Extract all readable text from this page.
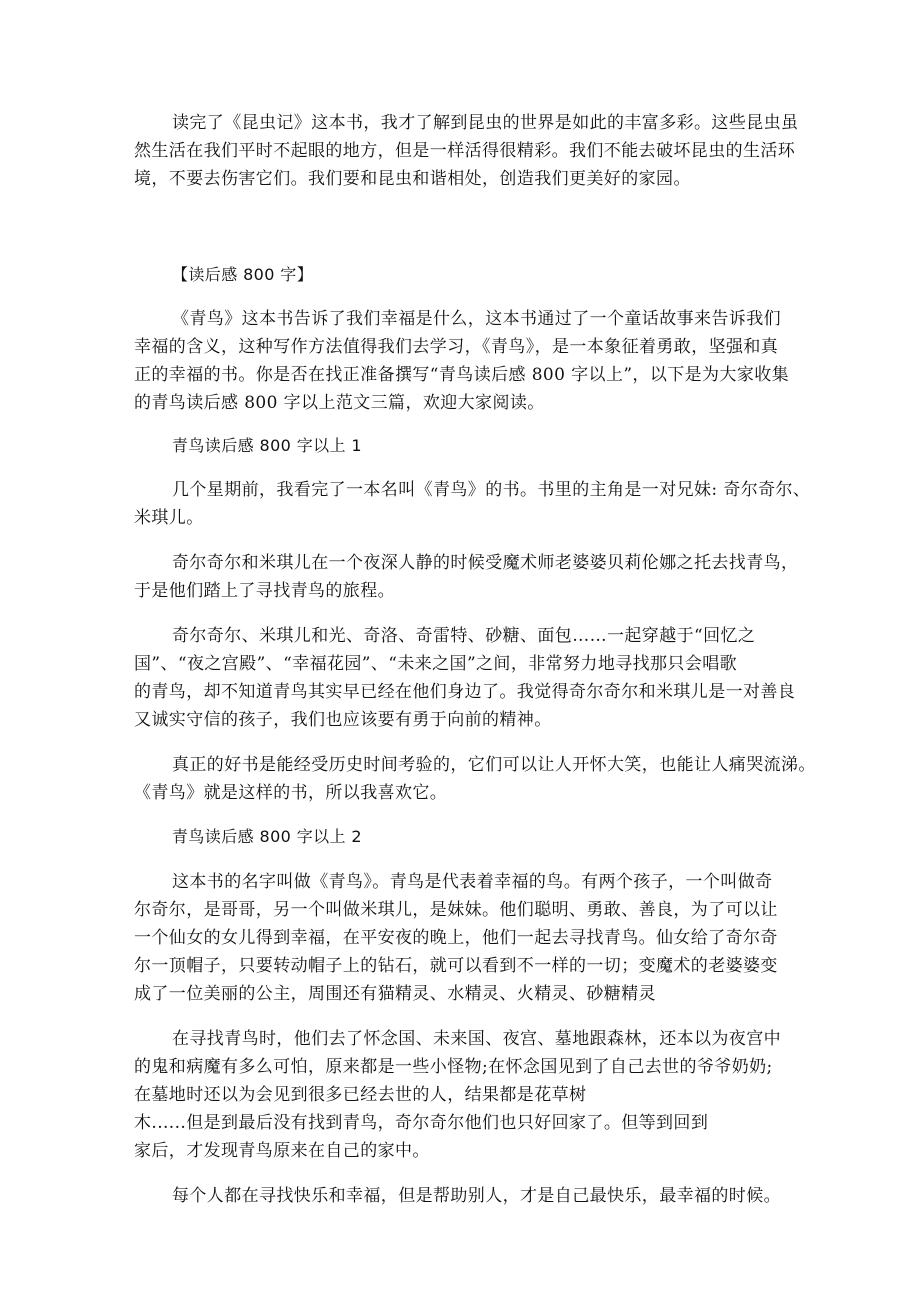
读完了《昆虫记》这本书，我才了解到昆虫的世界是如此的丰富多彩。这些昆虫虽
然生活在我们平时不起眼的地方，但是一样活得很精彩。我们不能去破坏昆虫的生活环
境，不要去伤害它们。我们要和昆虫和谐相处，创造我们更美好的家园。
【读后感 800 字】
《青鸟》这本书告诉了我们幸福是什么，这本书通过了一个童话故事来告诉我们
幸福的含义，这种写作方法值得我们去学习，《青鸟》，是一本象征着勇敢，坚强和真
正的幸福的书。你是否在找正准备撰写“青鸟读后感 800 字以上”，以下是为大家收集
的青鸟读后感 800 字以上范文三篇，欢迎大家阅读。
青鸟读后感 800 字以上 1
几个星期前，我看完了一本名叫《青鸟》的书。书里的主角是一对兄妹: 奇尔奇尔、
米琪儿。
奇尔奇尔和米琪儿在一个夜深人静的时候受魔术师老婆婆贝莉伦娜之托去找青鸟，
于是他们踏上了寻找青鸟的旅程。
奇尔奇尔、米琪儿和光、奇洛、奇雷特、砂糖、面包……一起穿越于“回忆之
国”、“夜之宫殿”、“幸福花园”、“未来之国”之间，非常努力地寻找那只会唱歌
的青鸟，却不知道青鸟其实早已经在他们身边了。我觉得奇尔奇尔和米琪儿是一对善良
又诚实守信的孩子，我们也应该要有勇于向前的精神。
真正的好书是能经受历史时间考验的，它们可以让人开怀大笑，也能让人痛哭流涕。
《青鸟》就是这样的书，所以我喜欢它。
青鸟读后感 800 字以上 2
这本书的名字叫做《青鸟》。青鸟是代表着幸福的鸟。有两个孩子，一个叫做奇
尔奇尔，是哥哥，另一个叫做米琪儿，是妹妹。他们聪明、勇敢、善良，为了可以让
一个仙女的女儿得到幸福，在平安夜的晚上，他们一起去寻找青鸟。仙女给了奇尔奇
尔一顶帽子，只要转动帽子上的钻石，就可以看到不一样的一切；变魔术的老婆婆变
成了一位美丽的公主，周围还有猫精灵、水精灵、火精灵、砂糖精灵
在寻找青鸟时，他们去了怀念国、未来国、夜宫、墓地跟森林，还本以为夜宫中
的鬼和病魔有多么可怕，原来都是一些小怪物;在怀念国见到了自己去世的爷爷奶奶;
在墓地时还以为会见到很多已经去世的人，结果都是花草树
木......但是到最后没有找到青鸟，奇尔奇尔他们也只好回家了。但等到回到
家后，才发现青鸟原来在自己的家中。
每个人都在寻找快乐和幸福，但是帮助别人，才是自己最快乐，最幸福的时候。
